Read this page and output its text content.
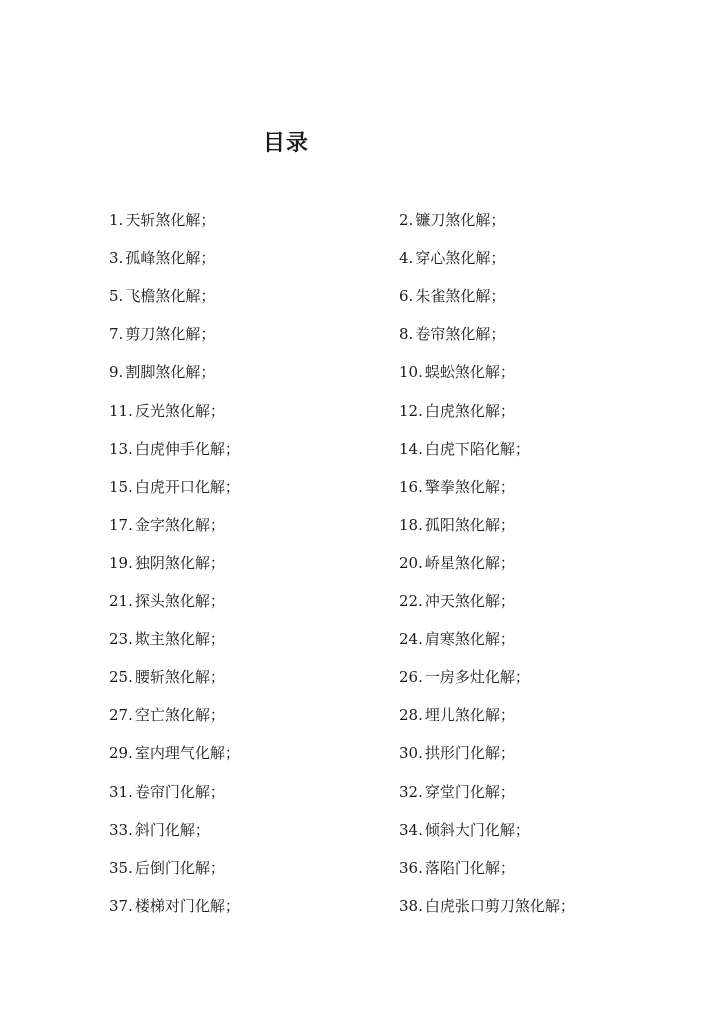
目录
1. 天斩煞化解；	2. 镰刀煞化解；
3. 孤峰煞化解；	4. 穿心煞化解；
5. 飞檐煞化解；	6. 朱雀煞化解；
7. 剪刀煞化解；	8. 卷帘煞化解；
9. 割脚煞化解；	10. 蜈蚣煞化解；
11. 反光煞化解；	12. 白虎煞化解；
13. 白虎伸手化解；	14. 白虎下陷化解；
15. 白虎开口化解；	16. 擎拳煞化解；
17. 金字煞化解；	18. 孤阳煞化解；
19. 独阴煞化解；	20. 峤星煞化解；
21. 探头煞化解；	22. 冲天煞化解；
23. 欺主煞化解；	24. 肩寒煞化解；
25. 腰斩煞化解；	26. 一房多灶化解；
27. 空亡煞化解；	28. 埋儿煞化解；
29. 室内理气化解；	30. 拱形门化解；
31. 卷帘门化解；	32. 穿堂门化解；
33. 斜门化解；	34. 倾斜大门化解；
35. 后倒门化解；	36. 落陷门化解；
37. 楼梯对门化解；	38. 白虎张口剪刀煞化解；
